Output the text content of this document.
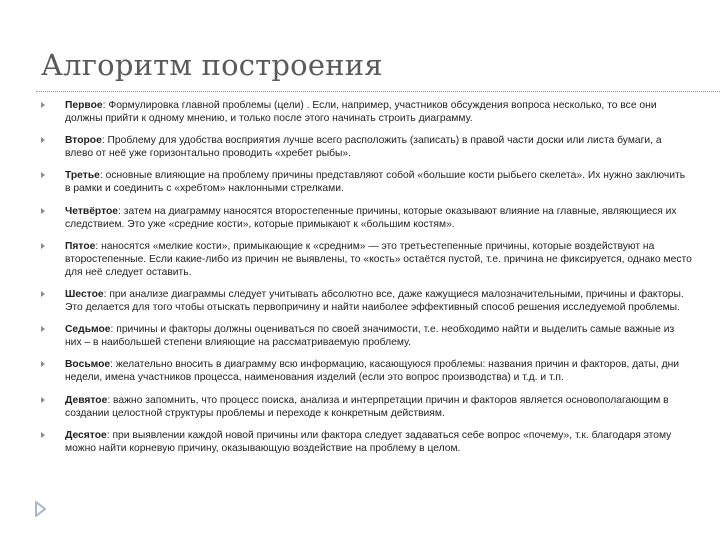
Алгоритм построения
Первое: Формулировка главной проблемы (цели) . Если, например, участников обсуждения вопроса несколько, то все они должны прийти к одному мнению, и только после этого начинать строить диаграмму.
Второе: Проблему для удобства восприятия лучше всего расположить (записать) в правой части доски или листа бумаги, а влево от неё уже горизонтально проводить «хребет рыбы».
Третье: основные влияющие на проблему причины представляют собой «большие кости рыбьего скелета». Их нужно заключить в рамки и соединить с «хребтом» наклонными стрелками.
Четвёртое: затем на диаграмму наносятся второстепенные причины, которые оказывают влияние на главные, являющиеся их следствием. Это уже «средние кости», которые примыкают к «большим костям».
Пятое: наносятся «мелкие кости», примыкающие к «средним» — это третьестепенные причины, которые воздействуют на второстепенные. Если какие-либо из причин не выявлены, то «кость» остаётся пустой, т.е. причина не фиксируется, однако место для неё следует оставить.
Шестое: при анализе диаграммы следует учитывать абсолютно все, даже кажущиеся малозначительными, причины и факторы. Это делается для того чтобы отыскать первопричину и найти наиболее эффективный способ решения исследуемой проблемы.
Седьмое: причины и факторы должны оцениваться по своей значимости, т.е. необходимо найти и выделить самые важные из них – в наибольшей степени влияющие на рассматриваемую проблему.
Восьмое: желательно вносить в диаграмму всю информацию, касающуюся проблемы: названия причин и факторов, даты, дни недели, имена участников процесса, наименования изделий (если это вопрос производства) и т.д. и т.п.
Девятое: важно запомнить, что процесс поиска, анализа и интерпретации причин и факторов является основополагающим в создании целостной структуры проблемы и переходе к конкретным действиям.
Десятое: при выявлении каждой новой причины или фактора следует задаваться себе вопрос «почему», т.к. благодаря этому можно найти корневую причину, оказывающую воздействие на проблему в целом.
